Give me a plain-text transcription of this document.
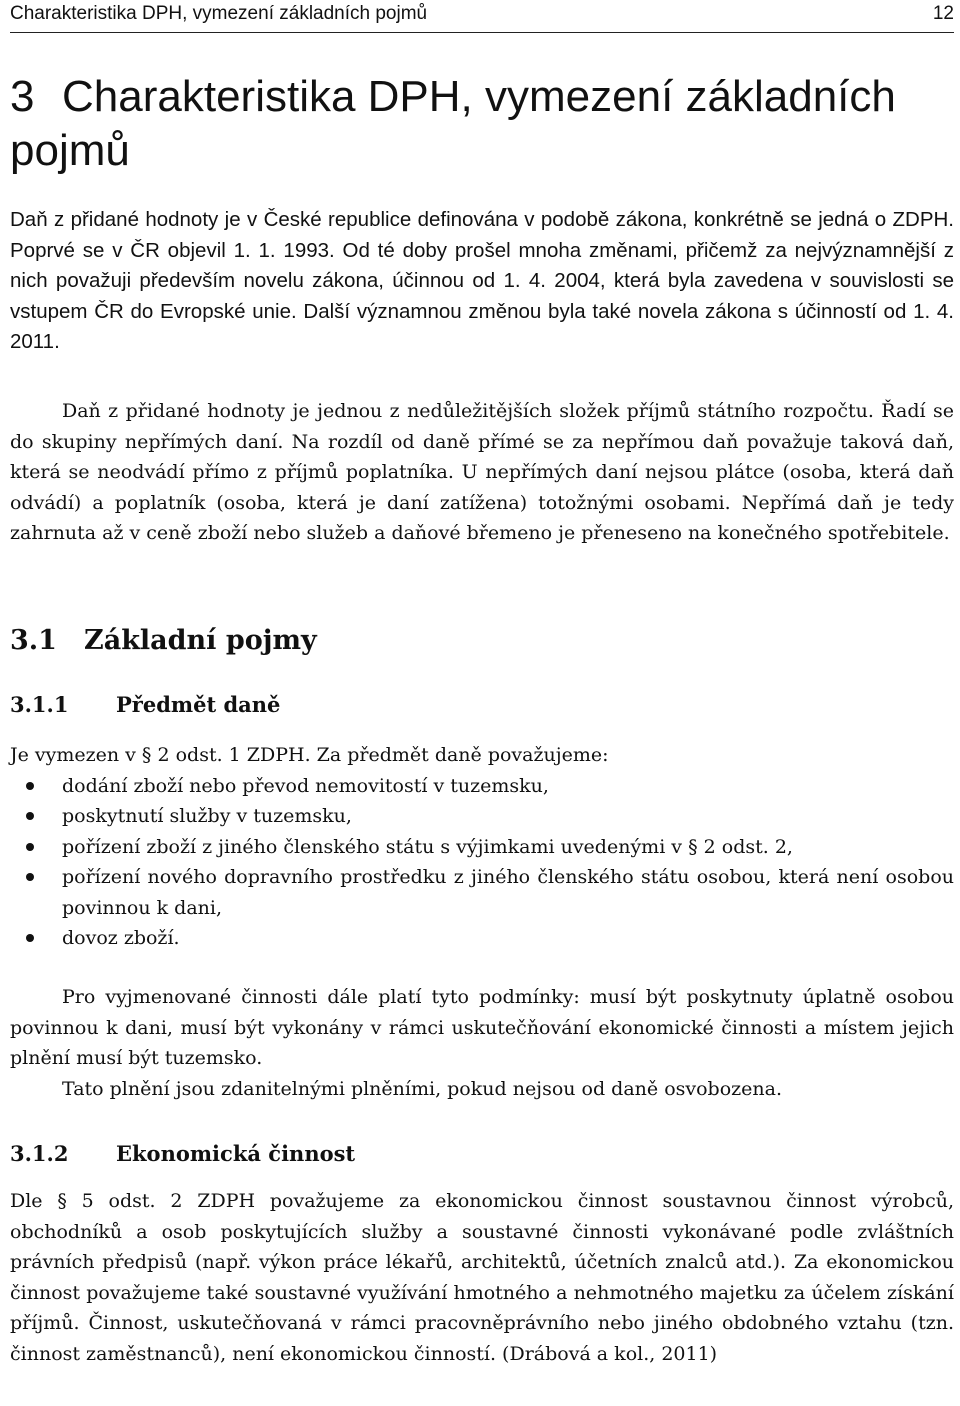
Charakteristika DPH, vymezení základních pojmů	12
3 Charakteristika DPH, vymezení základních pojmů

Daň z přidané hodnoty je v České republice definována v podobě zákona, konkrétně se jedná o ZDPH. Poprvé se v ČR objevil 1. 1. 1993. Od té doby prošel mnoha změnami, přičemž za nejvýznamnější z nich považuji především novelu zákona, účinnou od 1. 4. 2004, která byla zavedena v souvislosti se vstupem ČR do Evropské unie. Další významnou změnou byla také novela zákona s účinností od 1. 4. 2011.

Daň z přidané hodnoty je jednou z nedůležitějších složek příjmů státního rozpočtu. Řadí se do skupiny nepřímých daní. Na rozdíl od daně přímé se za nepřímou daň považuje taková daň, která se neodvádí přímo z příjmů poplatníka. U nepřímých daní nejsou plátce (osoba, která daň odvádí) a poplatník (osoba, která je daní zatížena) totožnými osobami. Nepřímá daň je tedy zahrnuta až v ceně zboží nebo služeb a daňové břemeno je přeneseno na konečného spotřebitele.

3.1 Základní pojmy
3.1.1 Předmět daně

Je vymezen v § 2 odst. 1 ZDPH. Za předmět daně považujeme:

dodání zboží nebo převod nemovitostí v tuzemsku,
poskytnutí služby v tuzemsku,
pořízení zboží z jiného členského státu s výjimkami uvedenými v § 2 odst. 2,
pořízení nového dopravního prostředku z jiného členského státu osobou, která není osobou povinnou k dani,
dovoz zboží.

Pro vyjmenované činnosti dále platí tyto podmínky: musí být poskytnuty úplatně osobou povinnou k dani, musí být vykonány v rámci uskutečňování ekonomické činnosti a místem jejich plnění musí být tuzemsko.

Tato plnění jsou zdanitelnými plněními, pokud nejsou od daně osvobozena.

3.1.2 Ekonomická činnost

Dle § 5 odst. 2 ZDPH považujeme za ekonomickou činnost soustavnou činnost výrobců, obchodníků a osob poskytujících služby a soustavné činnosti vykonávané podle zvláštních právních předpisů (např. výkon práce lékařů, architektů, účetních znalců atd.). Za ekonomickou činnost považujeme také soustavné využívání hmotného a nehmotného majetku za účelem získání příjmů. Činnost, uskutečňovaná v rámci pracovněprávního nebo jiného obdobného vztahu (tzn. činnost zaměstnanců), není ekonomickou činností. (Drábová a kol., 2011)
